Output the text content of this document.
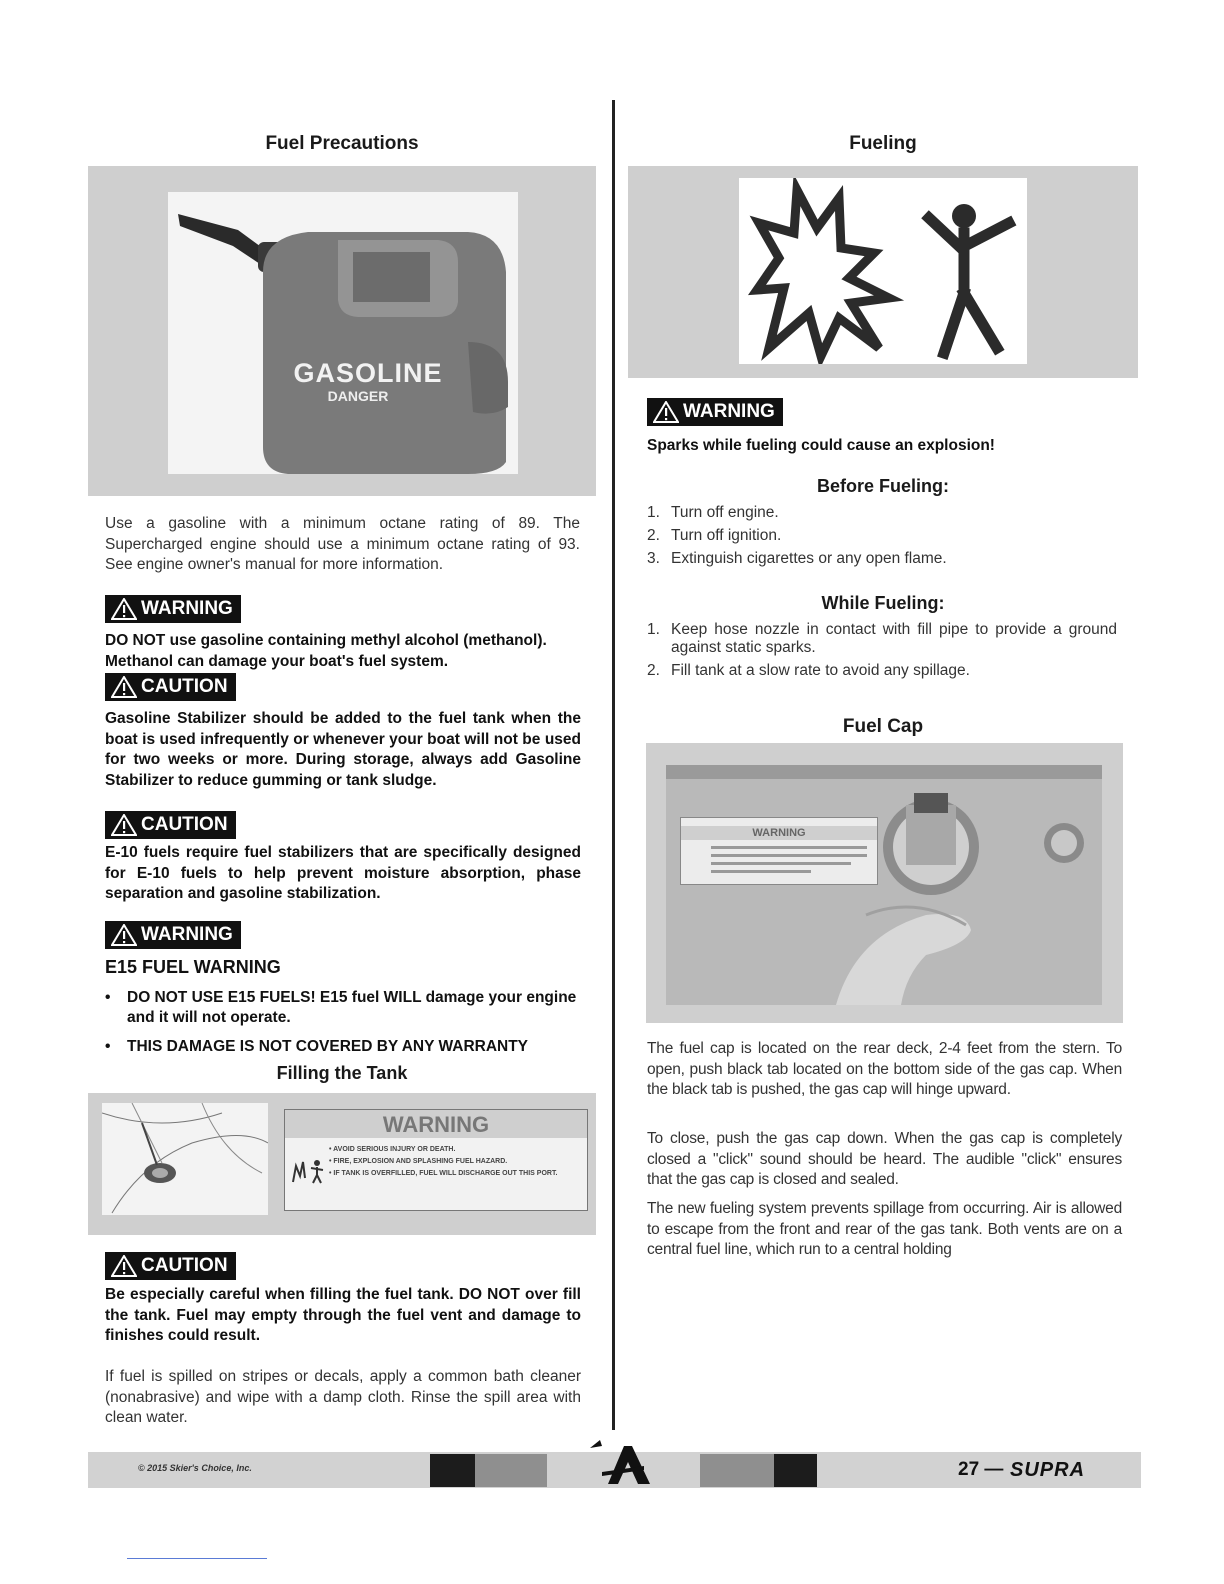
Fuel Precautions
GASOLINE
DANGER
Use a gasoline with a minimum octane rating of 89. The Supercharged engine should use a minimum octane rating of 93. See engine owner's manual for more information.
WARNING
DO NOT use gasoline containing methyl alcohol (methanol). Methanol can damage your boat's fuel system.
CAUTION
Gasoline Stabilizer should be added to the fuel tank when the boat is used infrequently or whenever your boat will not be used for two weeks or more. During storage, always add Gasoline Stabilizer to reduce gumming or tank sludge.
CAUTION
E-10 fuels require fuel stabilizers that are specifically designed for E-10 fuels to help prevent moisture absorption, phase separation and gasoline stabilization.
WARNING
E15 FUEL WARNING
• DO NOT USE E15 FUELS! E15 fuel WILL damage your engine and it will not operate.
• THIS DAMAGE IS NOT COVERED BY ANY WARRANTY
Filling the Tank
WARNING
• AVOID SERIOUS INJURY OR DEATH.
• FIRE, EXPLOSION AND SPLASHING FUEL HAZARD.
• IF TANK IS OVERFILLED, FUEL WILL DISCHARGE OUT THIS PORT.
CAUTION
Be especially careful when filling the fuel tank. DO NOT over fill the tank. Fuel may empty through the fuel vent and damage to finishes could result.
If fuel is spilled on stripes or decals, apply a common bath cleaner (nonabrasive) and wipe with a damp cloth. Rinse the spill area with clean water.
Fueling
WARNING
Sparks while fueling could cause an explosion!
Before Fueling:
1. Turn off engine.
2. Turn off ignition.
3. Extinguish cigarettes or any open flame.
While Fueling:
1. Keep hose nozzle in contact with fill pipe to provide a ground against static sparks.
2. Fill tank at a slow rate to avoid any spillage.
Fuel Cap
WARNING
The fuel cap is located on the rear deck, 2-4 feet from the stern. To open, push black tab located on the bottom side of the gas cap. When the black tab is pushed, the gas cap will hinge upward.
To close, push the gas cap down. When the gas cap is completely closed a "click" sound should be heard. The audible "click" ensures that the gas cap is closed and sealed.
The new fueling system prevents spillage from occurring. Air is allowed to escape from the front and rear of the gas tank. Both vents are on a central fuel line, which run to a central holding
© 2015 Skier's Choice, Inc.	27 — SUPRA
